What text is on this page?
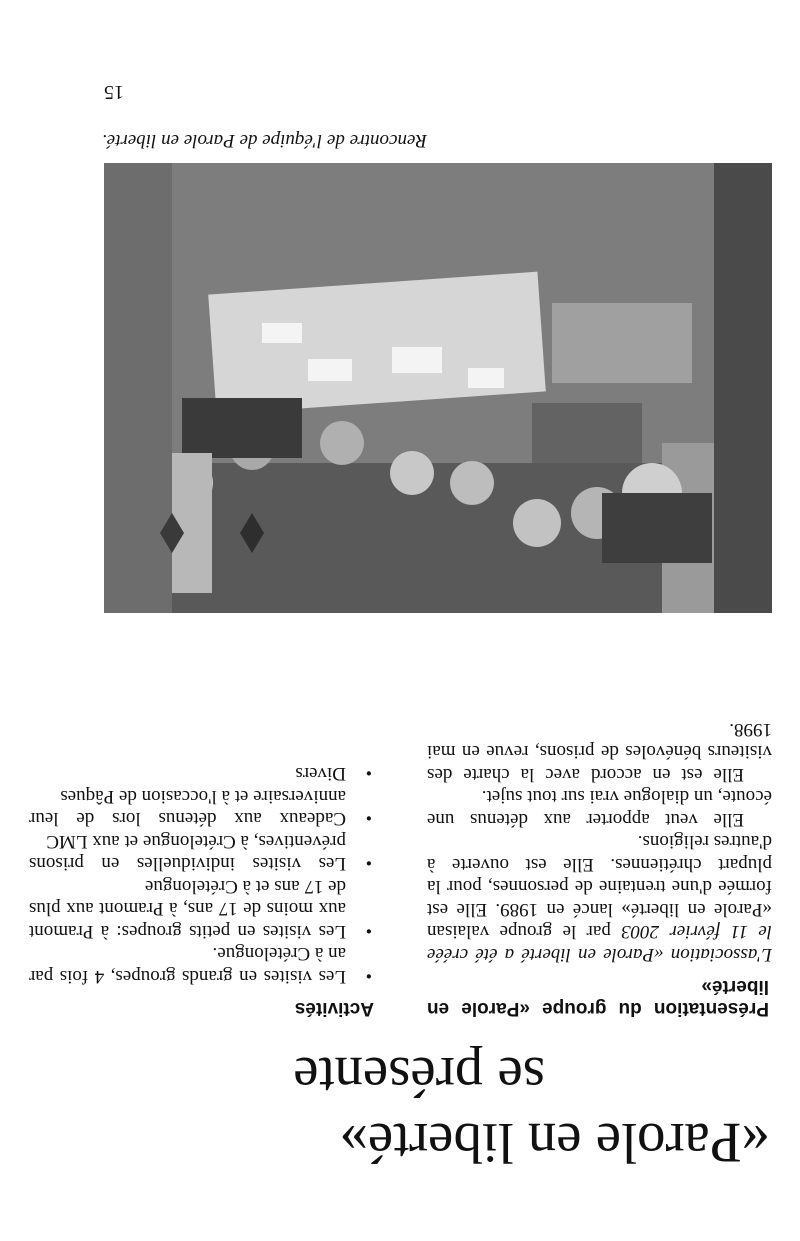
«Parole en liberté»
se présente
Présentation du groupe «Parole en liberté»

L'association «Parole en liberté a été créée le 11 février 2003 par le groupe valaisan «Parole en liberté» lancé en 1989. Elle est formée d'une trentaine de personnes, pour la plupart chrétiennes. Elle est ouverte à d'autres religions.

Elle veut apporter aux détenus une écoute, un dialogue vrai sur tout sujet.

Elle est en accord avec la charte des visiteurs bénévoles de prisons, revue en mai 1998.

Activités
• Les visites en grands groupes, 4 fois par an à Crételongue.
• Les visites en petits groupes: à Pramont aux moins de 17 ans, à Pramont aux plus de 17 ans et à Crételongue
• Les visites individuelles en prisons préventives, à Crételongue et aux LMC
• Cadeaux aux détenus lors de leur anniversaire et à l'occasion de Pâques
• Divers
Rencontre de l'équipe de Parole en liberté.
15
